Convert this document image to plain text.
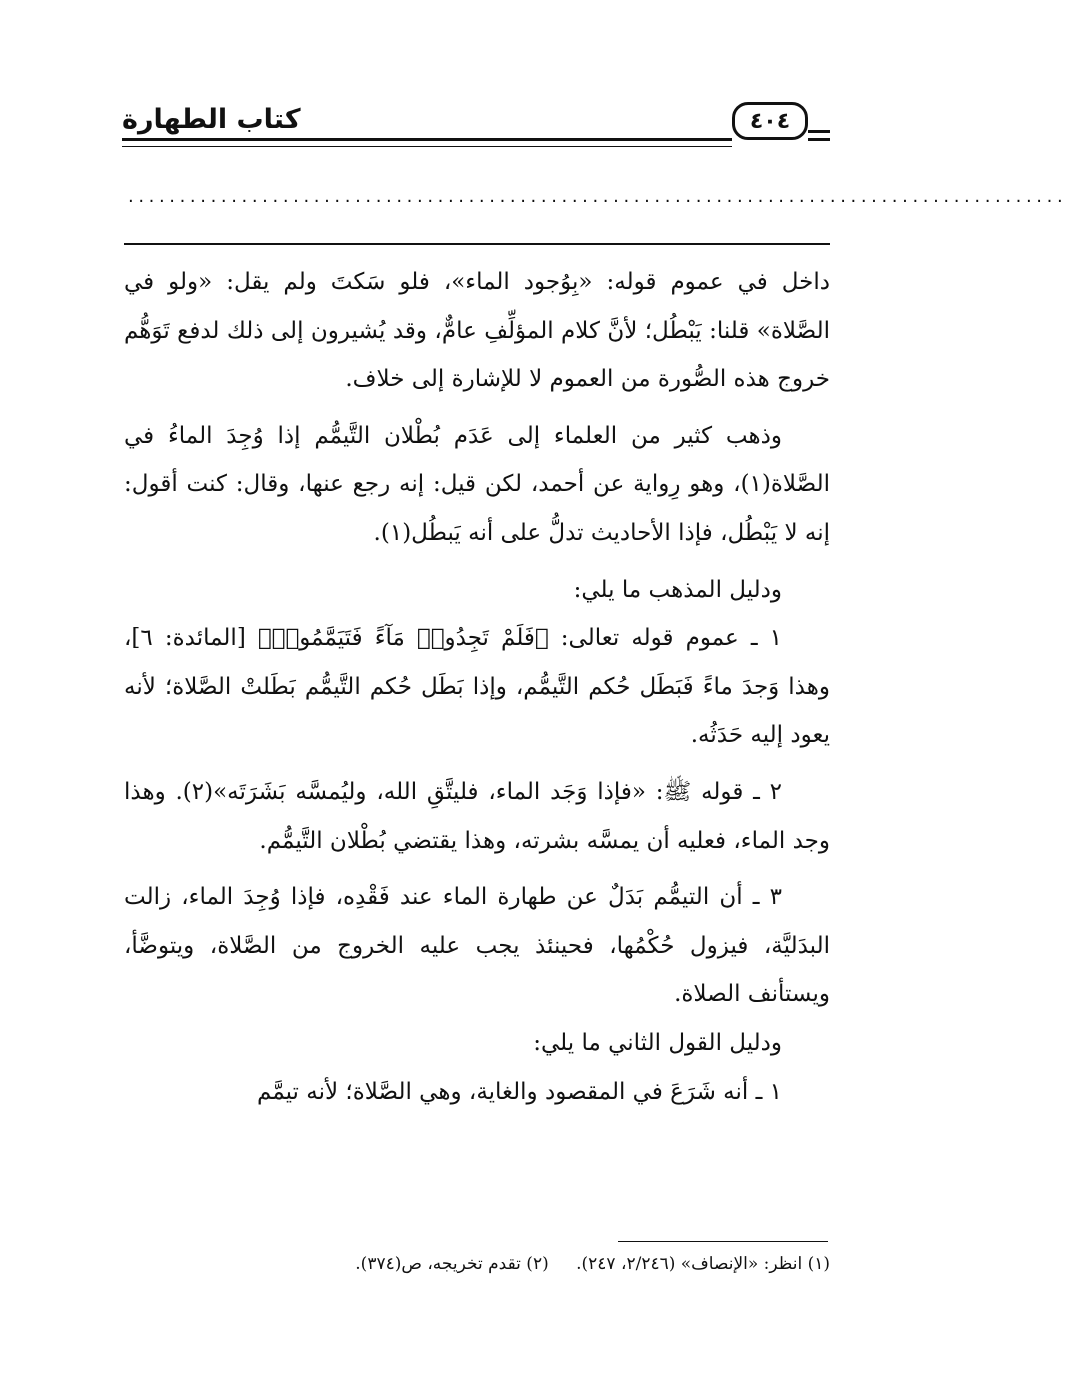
كتاب الطهارة	٤٠٤
...........................................................................................

داخل في عموم قوله: «بِوُجود الماء»، فلو سَكتَ ولم يقل: «ولو في الصَّلاة» قلنا: يَبْطُل؛ لأنَّ كلام المؤلِّفِ عامٌّ، وقد يُشيرون إلى ذلك لدفع تَوَهُّم خروج هذه الصُّورة من العموم لا للإشارة إلى خلاف.

وذهب كثير من العلماء إلى عَدَم بُطْلان التَّيمُّم إذا وُجِدَ الماءُ في الصَّلاة(١)، وهو رِواية عن أحمد، لكن قيل: إنه رجع عنها، وقال: كنت أقول: إنه لا يَبْطُل، فإذا الأحاديث تدلُّ على أنه يَبطُل(١).

ودليل المذهب ما يلي:

١ ـ عموم قوله تعالى: ﴿فَلَمْ تَجِدُوا۟ مَآءً فَتَيَمَّمُوا۟﴾ [المائدة: ٦]، وهذا وَجدَ ماءً فَبَطَل حُكم التَّيمُّم، وإذا بَطَل حُكم التَّيمُّم بَطَلتْ الصَّلاة؛ لأنه يعود إليه حَدَثُه.

٢ ـ قوله ﷺ: «فإذا وَجَد الماء، فليتَّقِ الله، وليُمسَّه بَشَرَتَه»(٢). وهذا وجد الماء، فعليه أن يمسَّه بشرته، وهذا يقتضي بُطْلان التَّيمُّم.

٣ ـ أن التيمُّم بَدَلٌ عن طهارة الماء عند فَقْدِه، فإذا وُجِدَ الماء، زالت البدَليَّة، فيزول حُكْمُها، فحينئذ يجب عليه الخروج من الصَّلاة، ويتوضَّأ، ويستأنف الصلاة.

ودليل القول الثاني ما يلي:

١ ـ أنه شَرَعَ في المقصود والغاية، وهي الصَّلاة؛ لأنه تيمَّم

(١) انظر: «الإنصاف» (٢/٢٤٦، ٢٤٧). (٢) تقدم تخريجه، ص(٣٧٤).
